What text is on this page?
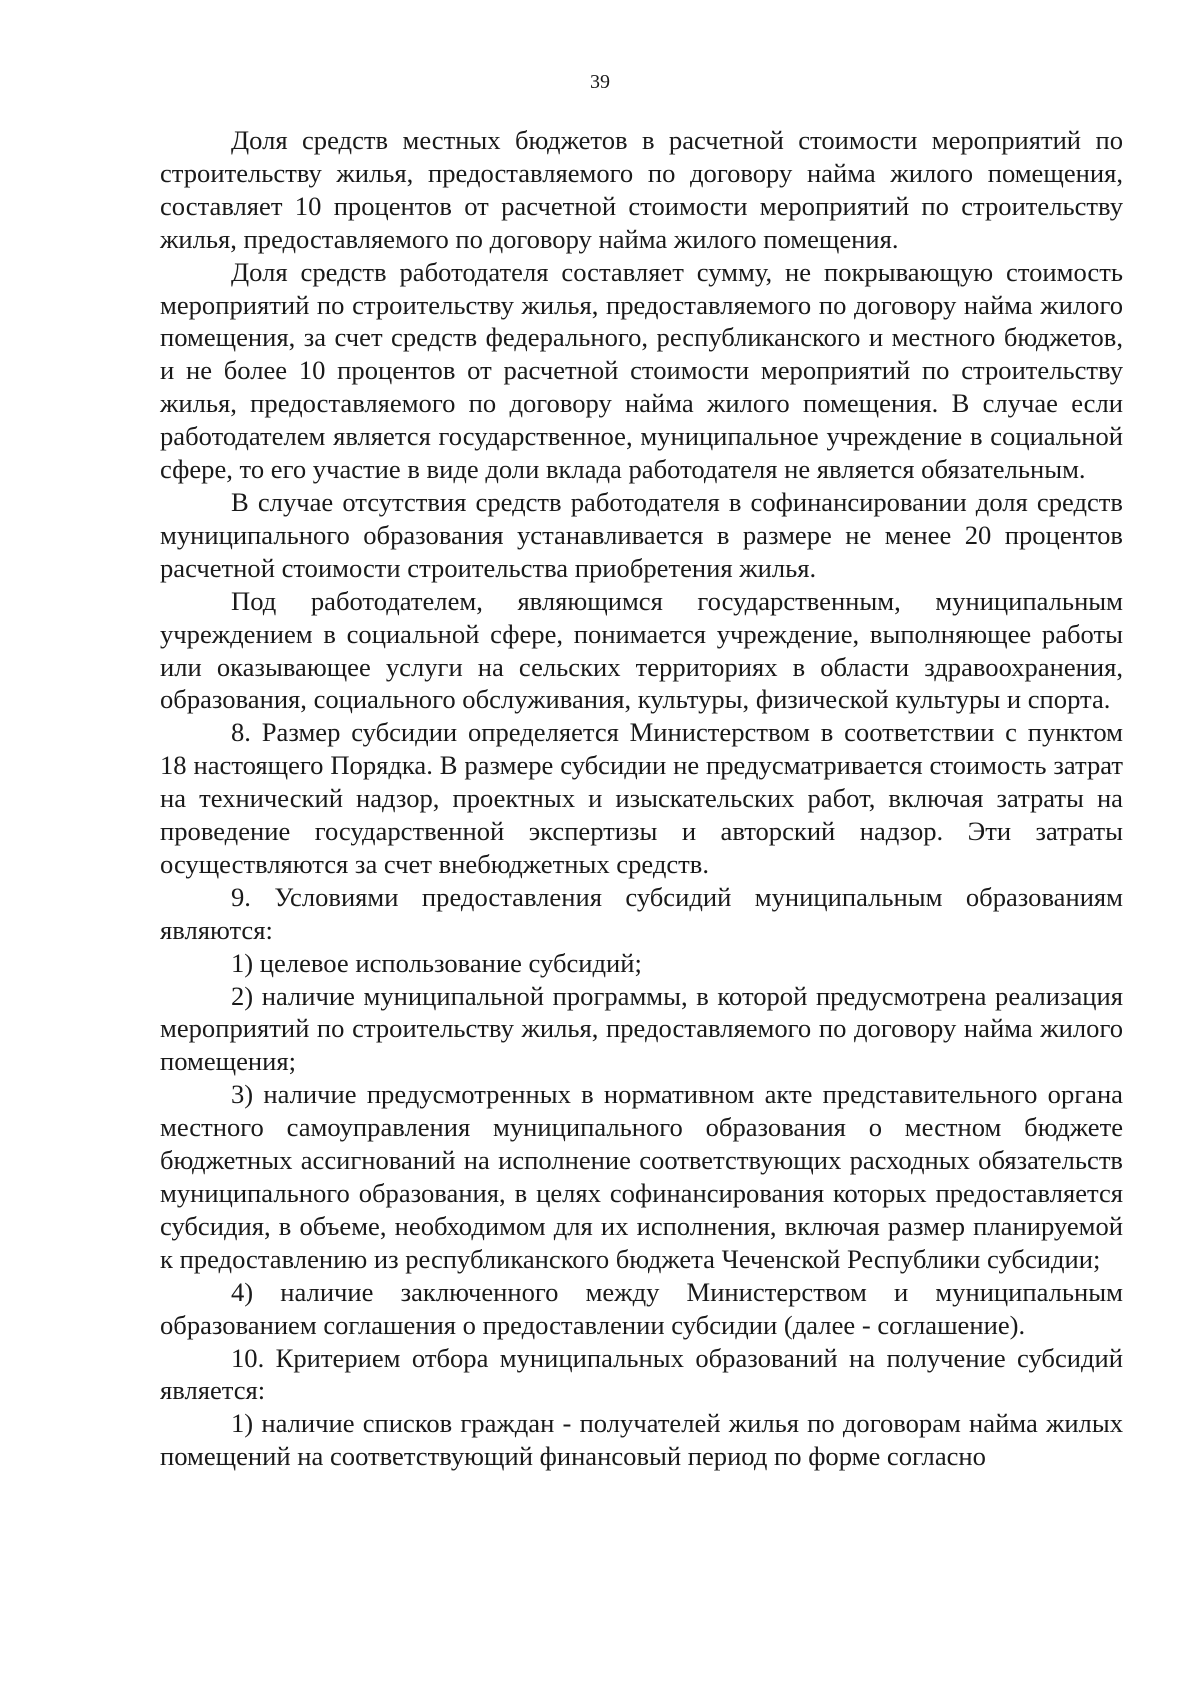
39

Доля средств местных бюджетов в расчетной стоимости мероприятий по строительству жилья, предоставляемого по договору найма жилого помещения, составляет 10 процентов от расчетной стоимости мероприятий по строительству жилья, предоставляемого по договору найма жилого помещения.

Доля средств работодателя составляет сумму, не покрывающую стоимость мероприятий по строительству жилья, предоставляемого по договору найма жилого помещения, за счет средств федерального, республиканского и местного бюджетов, и не более 10 процентов от расчетной стоимости мероприятий по строительству жилья, предоставляемого по договору найма жилого помещения. В случае если работодателем является государственное, муниципальное учреждение в социальной сфере, то его участие в виде доли вклада работодателя не является обязательным.

В случае отсутствия средств работодателя в софинансировании доля средств муниципального образования устанавливается в размере не менее 20 процентов расчетной стоимости строительства приобретения жилья.

Под работодателем, являющимся государственным, муниципальным учреждением в социальной сфере, понимается учреждение, выполняющее работы или оказывающее услуги на сельских территориях в области здравоохранения, образования, социального обслуживания, культуры, физической культуры и спорта.

8. Размер субсидии определяется Министерством в соответствии с пунктом 18 настоящего Порядка. В размере субсидии не предусматривается стоимость затрат на технический надзор, проектных и изыскательских работ, включая затраты на проведение государственной экспертизы и авторский надзор. Эти затраты осуществляются за счет внебюджетных средств.

9. Условиями предоставления субсидий муниципальным образованиям являются:

1) целевое использование субсидий;

2) наличие муниципальной программы, в которой предусмотрена реализация мероприятий по строительству жилья, предоставляемого по договору найма жилого помещения;

3) наличие предусмотренных в нормативном акте представительного органа местного самоуправления муниципального образования о местном бюджете бюджетных ассигнований на исполнение соответствующих расходных обязательств муниципального образования, в целях софинансирования которых предоставляется субсидия, в объеме, необходимом для их исполнения, включая размер планируемой к предоставлению из республиканского бюджета Чеченской Республики субсидии;

4) наличие заключенного между Министерством и муниципальным образованием соглашения о предоставлении субсидии (далее - соглашение).

10. Критерием отбора муниципальных образований на получение субсидий является:

1) наличие списков граждан - получателей жилья по договорам найма жилых помещений на соответствующий финансовый период по форме согласно
